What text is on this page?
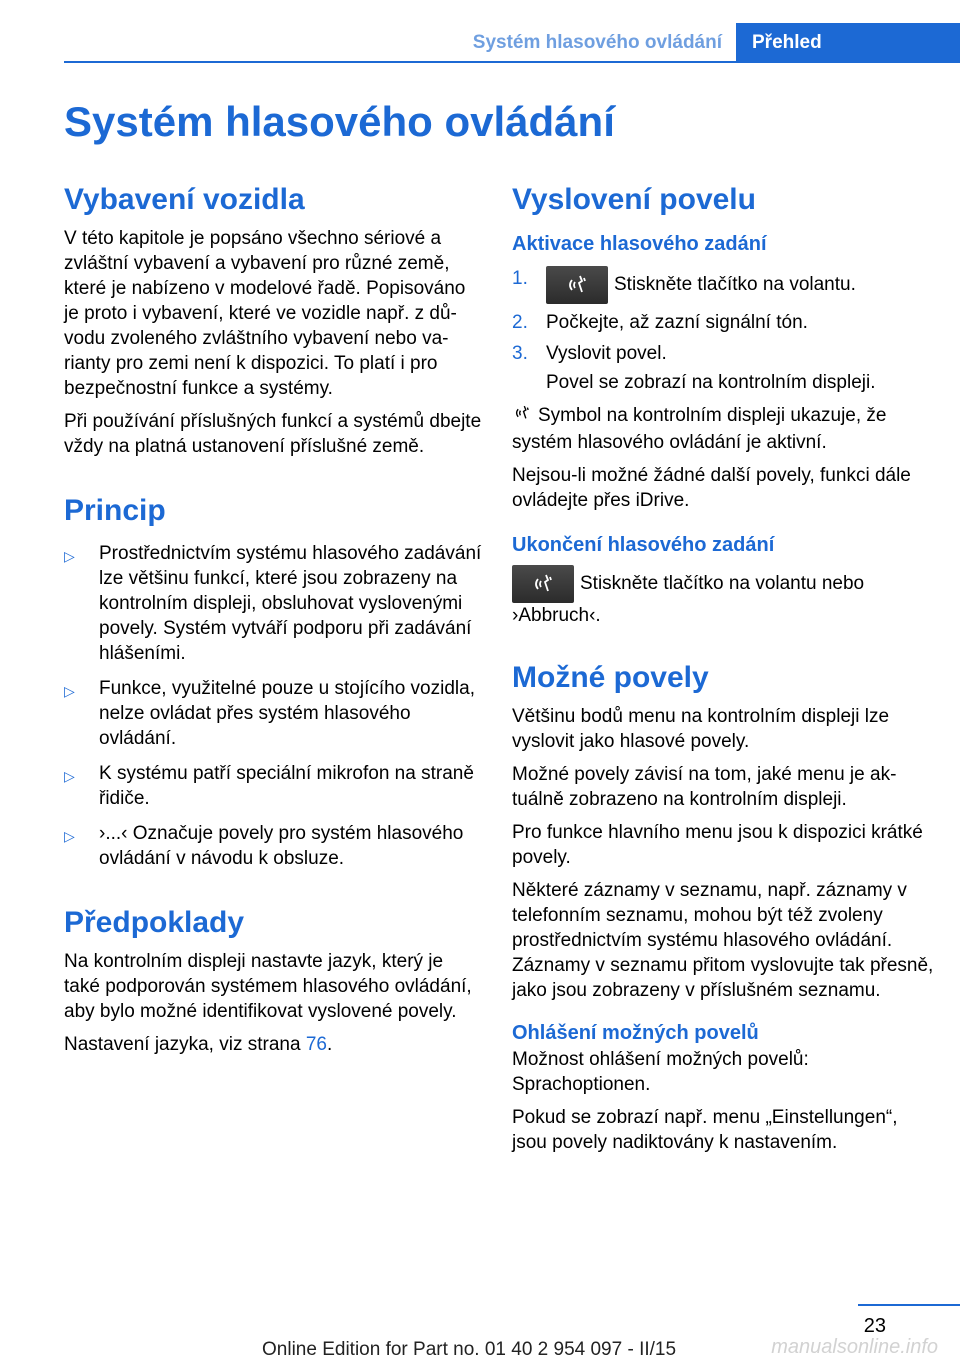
Systém hlasového ovládání	Přehled
Systém hlasového ovládání
Vybavení vozidla

V této kapitole je popsáno všechno sériové a zvláštní vybavení a vybavení pro různé země, které je nabízeno v modelové řadě. Popisováno je proto i vybavení, které ve vozidle např. z důvodu zvoleného zvláštního vybavení nebo varianty pro zemi není k dispozici. To platí i pro bezpečnostní funkce a systémy.

Při používání příslušných funkcí a systémů dbejte vždy na platná ustanovení příslušné země.

Princip
▷ Prostřednictvím systému hlasového zadávání lze většinu funkcí, které jsou zobrazeny na kontrolním displeji, obsluhovat vyslovenými povely. Systém vytváří podporu při zadávání hlášeními.
▷ Funkce, využitelné pouze u stojícího vozidla, nelze ovládat přes systém hlasového ovládání.
▷ K systému patří speciální mikrofon na straně řidiče.
▷ ›...‹ Označuje povely pro systém hlasového ovládání v návodu k obsluze.
Předpoklady

Na kontrolním displeji nastavte jazyk, který je také podporován systémem hlasového ovládání, aby bylo možné identifikovat vyslovené povely.

Nastavení jazyka, viz strana 76.

Vyslovení povelu
Aktivace hlasového zadání
1.	Stiskněte tlačítko na volantu.
2. Počkejte, až zazní signální tón.
3. Vyslovit povel.

Povel se zobrazí na kontrolním displeji.

Symbol na kontrolním displeji ukazuje, že systém hlasového ovládání je aktivní.

Nejsou-li možné žádné další povely, funkci dále ovládejte přes iDrive.

Ukončení hlasového zadání

Stiskněte tlačítko na volantu nebo ›Abbruch‹.

Možné povely

Většinu bodů menu na kontrolním displeji lze vyslovit jako hlasové povely.

Možné povely závisí na tom, jaké menu je aktuálně zobrazeno na kontrolním displeji.

Pro funkce hlavního menu jsou k dispozici krátké povely.

Některé záznamy v seznamu, např. záznamy v telefonním seznamu, mohou být též zvoleny prostřednictvím systému hlasového ovládání. Záznamy v seznamu přitom vyslovujte tak přesně, jako jsou zobrazeny v příslušném seznamu.

Ohlášení možných povelů

Možnost ohlášení možných povelů: Sprachoptionen.

Pokud se zobrazí např. menu „Einstellungen“, jsou povely nadiktovány k nastavením.

23
Online Edition for Part no. 01 40 2 954 097 - II/15	manualsonline.info
